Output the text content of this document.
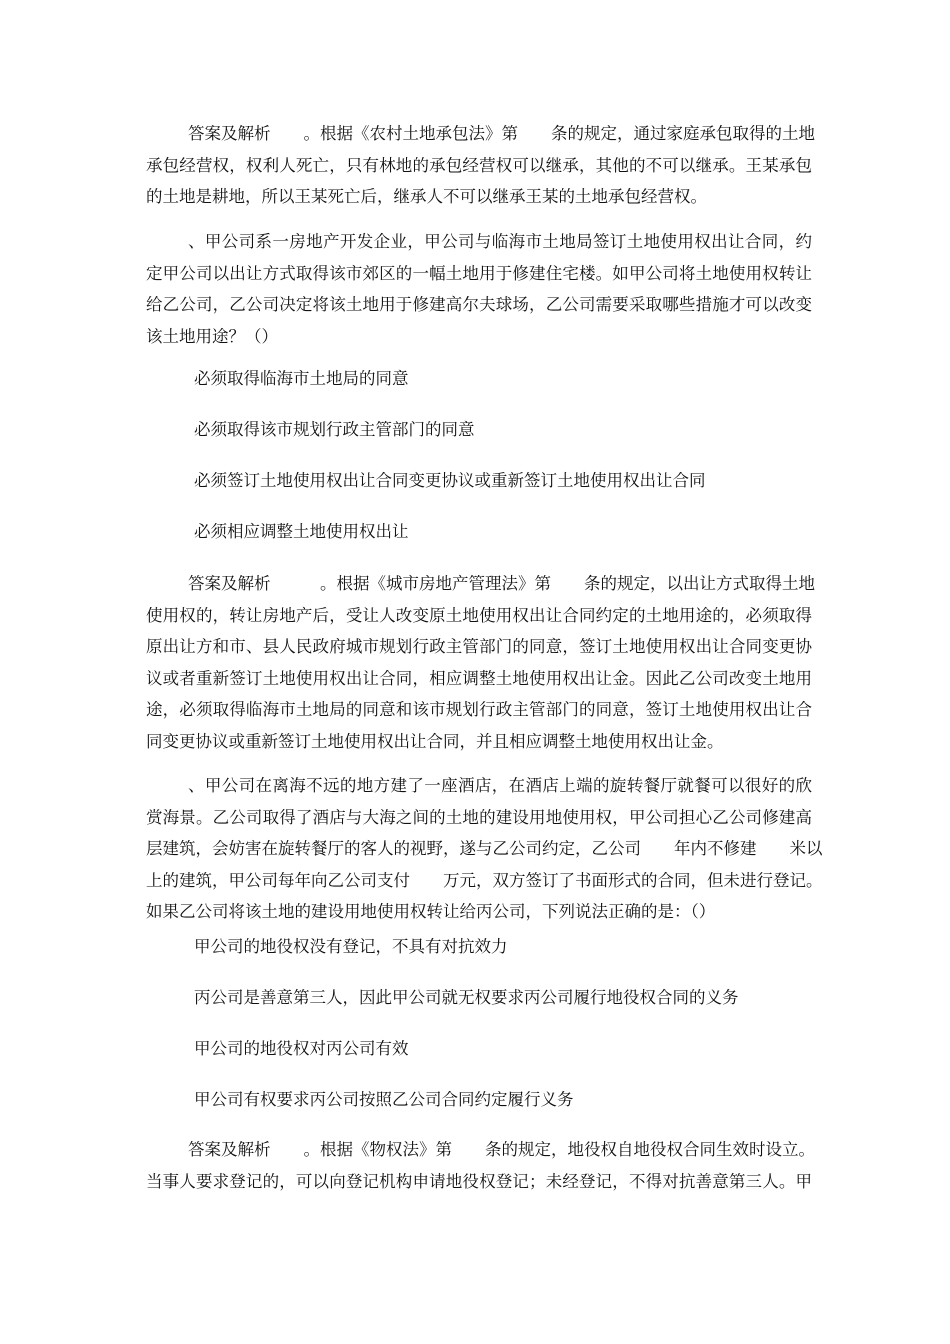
答案及解析　　。根据《农村土地承包法》第　　条的规定，通过家庭承包取得的土地
承包经营权，权利人死亡，只有林地的承包经营权可以继承，其他的不可以继承。王某承包
的土地是耕地，所以王某死亡后，继承人不可以继承王某的土地承包经营权。
、甲公司系一房地产开发企业，甲公司与临海市土地局签订土地使用权出让合同，约
定甲公司以出让方式取得该市郊区的一幅土地用于修建住宅楼。如甲公司将土地使用权转让
给乙公司，乙公司决定将该土地用于修建高尔夫球场，乙公司需要采取哪些措施才可以改变
该土地用途？（）

必须取得临海市土地局的同意

必须取得该市规划行政主管部门的同意

必须签订土地使用权出让合同变更协议或重新签订土地使用权出让合同

必须相应调整土地使用权出让

答案及解析　　　。根据《城市房地产管理法》第　　条的规定，以出让方式取得土地
使用权的，转让房地产后，受让人改变原土地使用权出让合同约定的土地用途的，必须取得
原出让方和市、县人民政府城市规划行政主管部门的同意，签订土地使用权出让合同变更协
议或者重新签订土地使用权出让合同，相应调整土地使用权出让金。因此乙公司改变土地用
途，必须取得临海市土地局的同意和该市规划行政主管部门的同意，签订土地使用权出让合
同变更协议或重新签订土地使用权出让合同，并且相应调整土地使用权出让金。
、甲公司在离海不远的地方建了一座酒店，在酒店上端的旋转餐厅就餐可以很好的欣
赏海景。乙公司取得了酒店与大海之间的土地的建设用地使用权，甲公司担心乙公司修建高
层建筑，会妨害在旋转餐厅的客人的视野，遂与乙公司约定，乙公司　　年内不修建　　米以
上的建筑，甲公司每年向乙公司支付　　万元，双方签订了书面形式的合同，但未进行登记。
如果乙公司将该土地的建设用地使用权转让给丙公司，下列说法正确的是：（）

甲公司的地役权没有登记，不具有对抗效力

丙公司是善意第三人，因此甲公司就无权要求丙公司履行地役权合同的义务

甲公司的地役权对丙公司有效

甲公司有权要求丙公司按照乙公司合同约定履行义务

答案及解析　　。根据《物权法》第　　条的规定，地役权自地役权合同生效时设立。
当事人要求登记的，可以向登记机构申请地役权登记；未经登记，不得对抗善意第三人。甲
